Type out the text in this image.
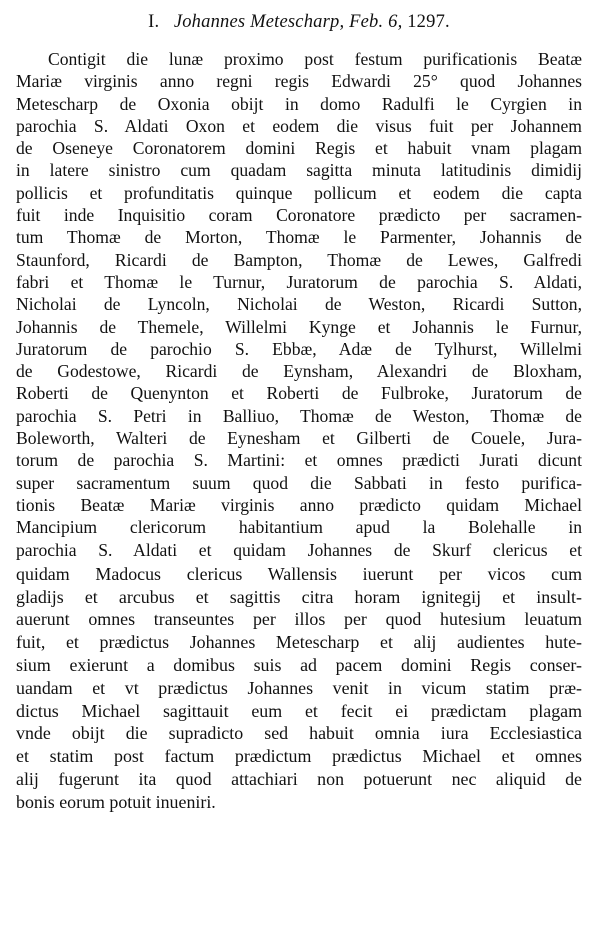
I. Johannes Metescharp, Feb. 6, 1297.
Contigit die lunæ proximo post festum purificationis Beatæ
Mariæ virginis anno regni regis Edwardi 25° quod Johannes
Metescharp de Oxonia obijt in domo Radulfi le Cyrgien in
parochia S. Aldati Oxon et eodem die visus fuit per Johannem
de Oseneye Coronatorem domini Regis et habuit vnam plagam
in latere sinistro cum quadam sagitta minuta latitudinis dimidij
pollicis et profunditatis quinque pollicum et eodem die capta
fuit inde Inquisitio coram Coronatore prædicto per sacramen-
tum Thomæ de Morton, Thomæ le Parmenter, Johannis de
Staunford, Ricardi de Bampton, Thomæ de Lewes, Galfredi
fabri et Thomæ le Turnur, Juratorum de parochia S. Aldati,
Nicholai de Lyncoln, Nicholai de Weston, Ricardi Sutton,
Johannis de Themele, Willelmi Kynge et Johannis le Furnur,
Juratorum de parochio S. Ebbæ, Adæ de Tylhurst, Willelmi
de Godestowe, Ricardi de Eynsham, Alexandri de Bloxham,
Roberti de Quenynton et Roberti de Fulbroke, Juratorum de
parochia S. Petri in Balliuo, Thomæ de Weston, Thomæ de
Boleworth, Walteri de Eynesham et Gilberti de Couele, Jura-
torum de parochia S. Martini: et omnes prædicti Jurati dicunt
super sacramentum suum quod die Sabbati in festo purifica-
tionis Beatæ Mariæ virginis anno prædicto quidam Michael
Mancipium clericorum habitantium apud la Bolehalle in
parochia S. Aldati et quidam Johannes de Skurf clericus et
quidam Madocus clericus Wallensis iuerunt per vicos cum
gladijs et arcubus et sagittis citra horam ignitegij et insult-
auerunt omnes transeuntes per illos per quod hutesium leuatum
fuit, et prædictus Johannes Metescharp et alij audientes hute-
sium exierunt a domibus suis ad pacem domini Regis conser-
uandam et vt prædictus Johannes venit in vicum statim præ-
dictus Michael sagittauit eum et fecit ei prædictam plagam
vnde obijt die supradicto sed habuit omnia iura Ecclesiastica
et statim post factum prædictum prædictus Michael et omnes
alij fugerunt ita quod attachiari non potuerunt nec aliquid de
bonis eorum potuit inueniri.
